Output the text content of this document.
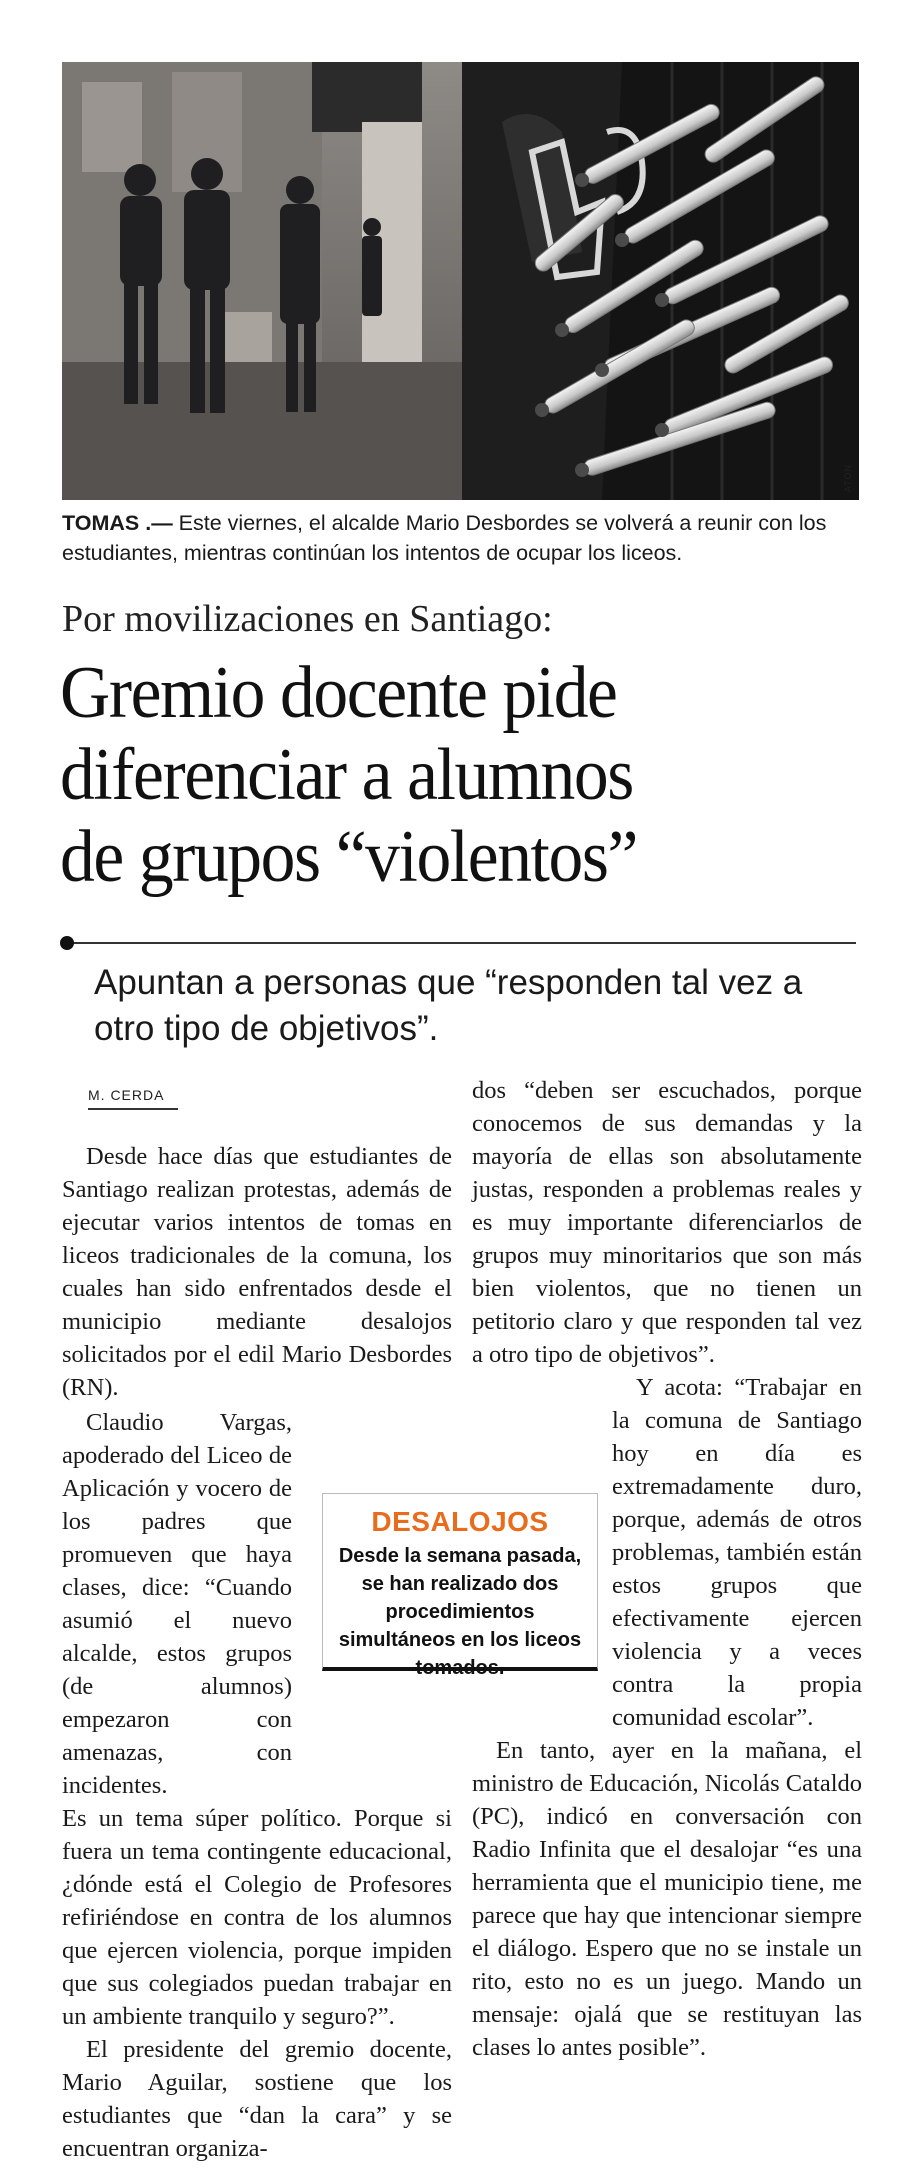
ATON
TOMAS .— Este viernes, el alcalde Mario Desbordes se volverá a reunir con los estudiantes, mientras continúan los intentos de ocupar los liceos.
Por movilizaciones en Santiago:
Gremio docente pide
diferenciar a alumnos
de grupos “violentos”
Apuntan a personas que “responden tal vez a otro tipo de objetivos”.
M. CERDA

Desde hace días que estudiantes de Santiago realizan protestas, además de ejecutar varios intentos de tomas en liceos tradicionales de la comuna, los cuales han sido enfrentados desde el municipio mediante desalojos solicitados por el edil Mario Desbordes (RN).

Claudio Vargas, apoderado del Liceo de Aplicación y vocero de los padres que promueven que haya clases, dice: “Cuando asumió el nuevo alcalde, estos grupos (de alumnos) empezaron con amenazas, con incidentes.

Es un tema súper político. Porque si fuera un tema contingente educacional, ¿dónde está el Colegio de Profesores refiriéndose en contra de los alumnos que ejercen violencia, porque impiden que sus colegiados puedan trabajar en un ambiente tranquilo y seguro?”.

El presidente del gremio docente, Mario Aguilar, sostiene que los estudiantes que “dan la cara” y se encuentran organiza-

dos “deben ser escuchados, porque conocemos de sus demandas y la mayoría de ellas son absolutamente justas, responden a problemas reales y es muy importante diferenciarlos de grupos muy minoritarios que son más bien violentos, que no tienen un petitorio claro y que responden tal vez a otro tipo de objetivos”.

Y acota: “Trabajar en la comuna de Santiago hoy en día es extremadamente duro, porque, además de otros problemas, también están estos grupos que efectivamente ejercen violencia y a veces contra la propia comunidad escolar”.

En tanto, ayer en la mañana, el ministro de Educación, Nicolás Cataldo (PC), indicó en conversación con Radio Infinita que el desalojar “es una herramienta que el municipio tiene, me parece que hay que intencionar siempre el diálogo. Espero que no se instale un rito, esto no es un juego. Mando un mensaje: ojalá que se restituyan las clases lo antes posible”.

DESALOJOS
Desde la semana pasada, se han realizado dos procedimientos simultáneos en los liceos tomados.
